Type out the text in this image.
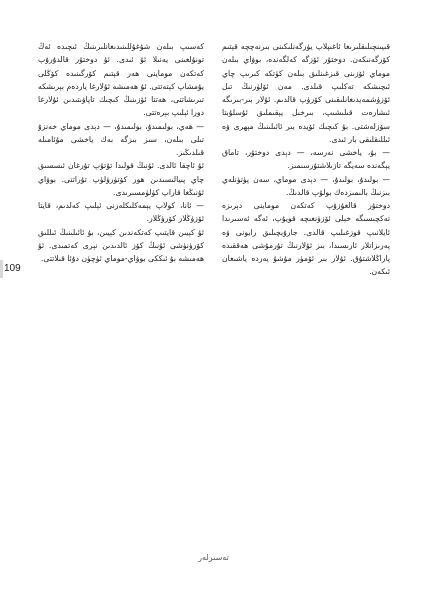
قىيىنچىلىقلىرىغا ئاغىپلاپ يۈرگەنلىكىنى بىرنەچچە قېتىم كۆرگەنىكەن. دوختۇر ئۆزگە كەلگەندە، بوۋاي بىلەن موماي ئۆزىنى قىزغىنلىق بىلەن كۈتكە كىرىپ چاي ئىچىشكە تەكلىپ قىلدى. مەن ئۆلۈرنىڭ تىل ئۆزۈشمەيدىغانلىقىنى كۆرۈپ قالدىم. ئۇلار بىر-بىرىگە ئىشارەت قىلىشىپ، بىرخىل يېقىملىق ئۇسلۇبتا سۆزلەشتى. بۇ كىچىك ئۆيدە بىر ئائىلىنىڭ مېھرى ۋە ئىللىقلىقى بار ئىدى.

— بۇ، ياخشى نەرسە، — دېدى دوختۇر، تاماق يېگەندە سەيگە تازىلاشتۇرسىمىز.

— بولىدۇ، بولىدۇ، — دېدى موماي، سەن پۈتۈنلەي بىزنىڭ بالىمىزدەك بولۇپ قالدىڭ.

دوختۇر قالغۇزۇپ كەتكەن موماينى دېرىزە تەكچىسىگە خېلى ئۆزۈنغىچە قويۇپ، ئەگە ئەسىرىدا ئايلانىپ قوزغىلىپ قالدى. جارۇبچىلىق رايونى ۋە پەرىزاتلار ئارىسىدا، بىز ئۇلارنىڭ تۇرمۇشى ھەققىدە پاراڭلاشتۇق. ئۇلار بىر ئۆمۈر مۇشۇ يەردە ياشىغان ئىكەن.

كەسىپ بىلەن شۇغۇللىنىدىغانلىرىنىڭ ئىچىدە ئەڭ تونۇلغىنى يەنىلا ئۇ ئىدى. ئۇ دوختۇر قالدۇرۇپ كەتكەن موماينى ھەر قېتىم كۆرگىنىدە كۆڭلى يۇمشاپ كېتەتتى. ئۇ ھەمىشە ئۇلارغا ياردەم بېرىشكە تىرىشاتتى، ھەتتا ئۆزىنىڭ كىچىك تاپاۋىتىدىن ئۇلارغا دورا ئېلىپ بېرەتتى.

— ھەي، بولىمىدۇ، بولىمىدۇ، — دېدى موماي خەنزۇ تىلى بىلەن، سىز بىزگە بەك ياخشى مۇئامىلە قىلدىڭىز.

ئۇ ئاچقا ئالدى. ئۇنىڭ قولىدا تۇتۇپ تۇرغان ئىسسىق چاي پىيالىسىدىن ھور كۆتۈرۈلۈپ تۇراتتى. بوۋاي ئۇنىڭغا قاراپ كۈلۈمسىرىدى.

— ئانا، كولاپ يېمەكلىكلەرنى ئېلىپ كەلدىم، قايتا ئۆزۈڭلار كۆرۈڭلار.

ئۇ كېيىن قايتىپ كەتكەندىن كېيىن، بۇ ئائىلىنىڭ ئىللىق كۆرۈنۈشى ئۇنىڭ كۆز ئالدىدىن نېرى كەتمىدى. ئۇ ھەمىشە بۇ ئىككى بوۋاي-موماي ئۈچۈن دۇئا قىلاتتى.

109
تەسىرلەر
